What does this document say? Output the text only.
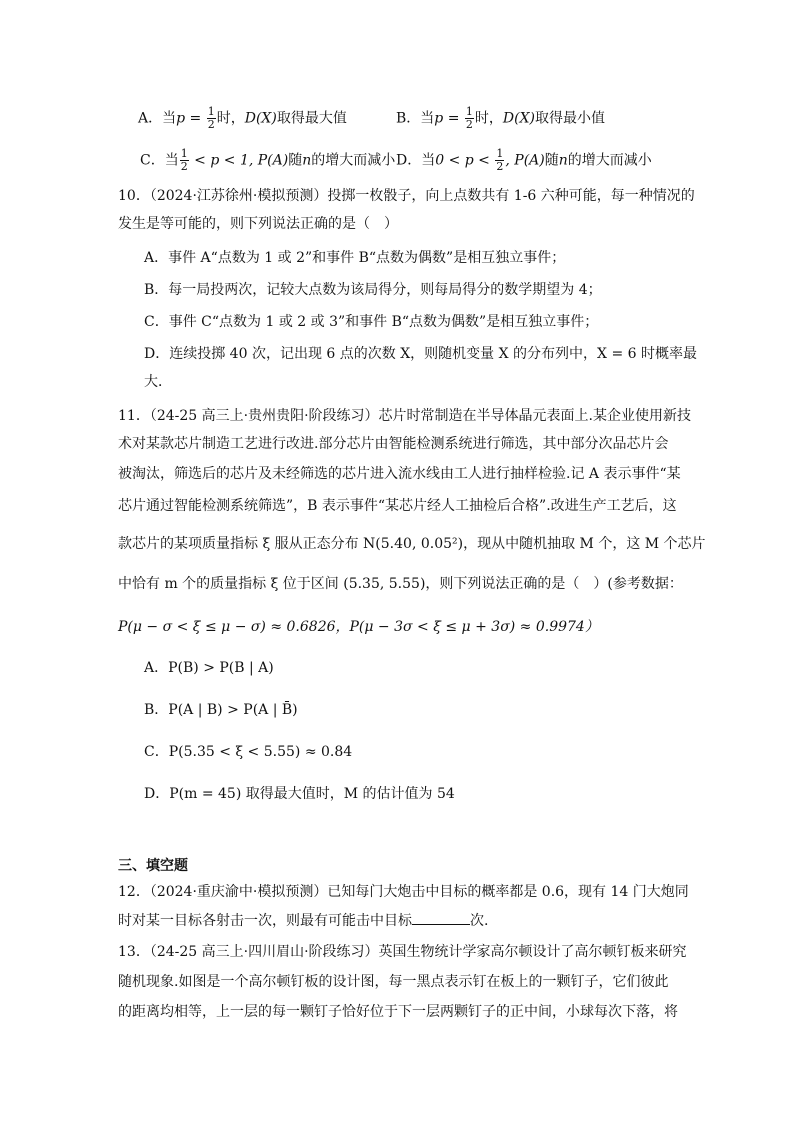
A．当$p = \frac{1}{2}$ 时，D(X)取得最大值	B．当$p = \frac{1}{2}$ 时，D(X)取得最小值
C．当 $\frac{1}{2} < p < 1$, P(A)随n的增大而减小 D．当$0 < p < \frac{1}{2}$ , P(A)随n的增大而减小
10．（2024·江苏徐州·模拟预测）投掷一枚骰子，向上点数共有 1-6 六种可能，每一种情况的
发生是等可能的，则下列说法正确的是（　）
A．事件 A“点数为 1 或 2”和事件 B“点数为偶数”是相互独立事件；
B．每一局投两次，记较大点数为该局得分，则每局得分的数学期望为 4；
C．事件 C“点数为 1 或 2 或 3”和事件 B“点数为偶数”是相互独立事件；
D．连续投掷 40 次，记出现 6 点的次数 X，则随机变量 X 的分布列中，X = 6 时概率最
大．
11．（24-25 高三上·贵州贵阳·阶段练习）芯片时常制造在半导体晶元表面上.某企业使用新技
术对某款芯片制造工艺进行改进.部分芯片由智能检测系统进行筛选，其中部分次品芯片会
被淘汰，筛选后的芯片及未经筛选的芯片进入流水线由工人进行抽样检验.记 A 表示事件“某
芯片通过智能检测系统筛选”，B 表示事件“某芯片经人工抽检后合格”.改进生产工艺后，这
款芯片的某项质量指标 ξ 服从正态分布 N(5.40, 0.05²)，现从中随机抽取 M 个，这 M 个芯片
中恰有 m 个的质量指标 ξ 位于区间 (5.35, 5.55)，则下列说法正确的是（　）(参考数据：
P(μ − σ < ξ ≤ μ − σ) ≈ 0.6826，P(μ − 3σ < ξ ≤ μ + 3σ) ≈ 0.9974）
A．P(B) > P(B | A)
B．P(A | B) > P(A | B̄)
C．P(5.35 < ξ < 5.55) ≈ 0.84
D．P(m = 45) 取得最大值时，M 的估计值为 54
三、填空题
12．（2024·重庆渝中·模拟预测）已知每门大炮击中目标的概率都是 0.6，现有 14 门大炮同
时对某一目标各射击一次，则最有可能击中目标	次.
13．（24-25 高三上·四川眉山·阶段练习）英国生物统计学家高尔顿设计了高尔顿钉板来研究
随机现象.如图是一个高尔顿钉板的设计图，每一黑点表示钉在板上的一颗钉子，它们彼此
的距离均相等，上一层的每一颗钉子恰好位于下一层两颗钉子的正中间，小球每次下落，将
